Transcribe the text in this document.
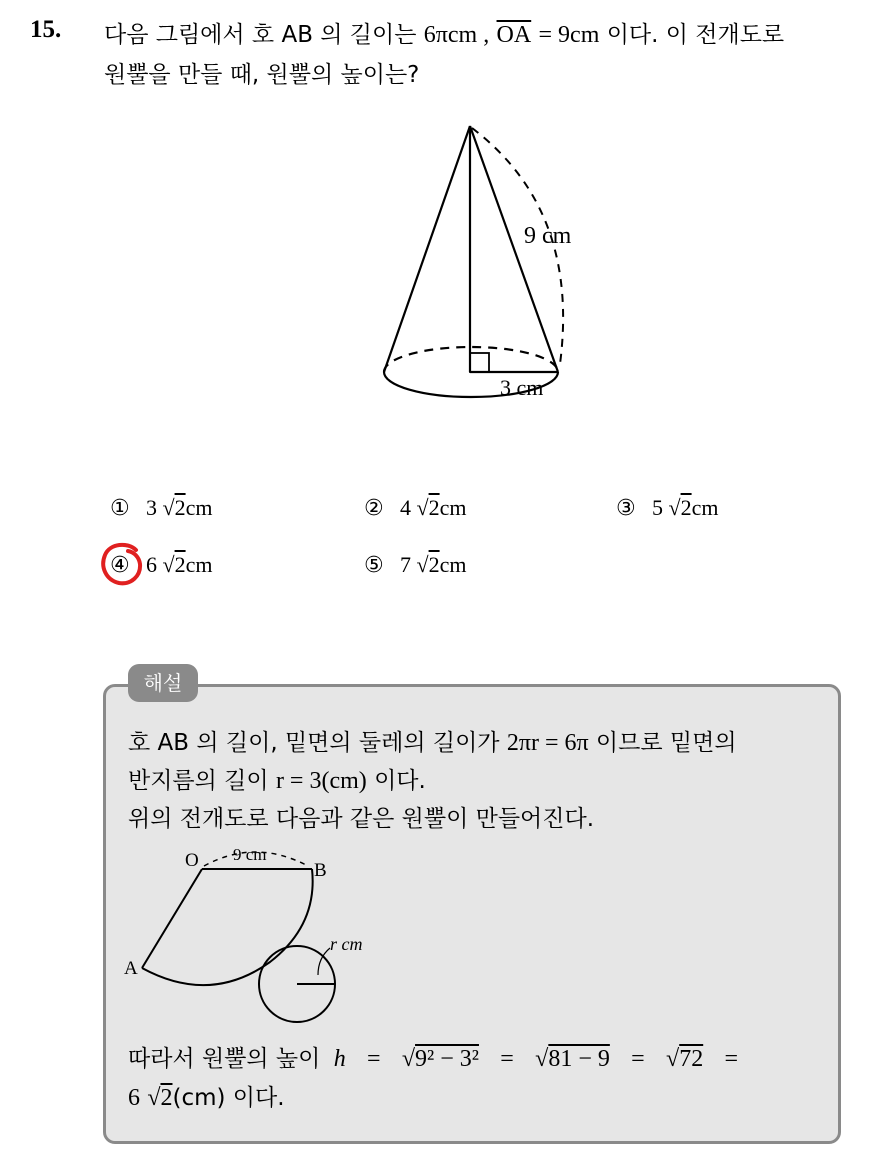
15. 다음 그림에서 호 AB 의 길이는 6πcm , $\overline{OA} = 9cm$ 이다. 이 전개도로
원뿔을 만들 때, 원뿔의 높이는?
9 cm
3 cm
① 3 √2cm	② 4 √2cm	③ 5 √2cm
④ 6 √2cm	⑤ 7 √2cm
해설
호 AB 의 길이, 밑면의 둘레의 길이가 2πr = 6π 이므로 밑면의
반지름의 길이 r = 3(cm) 이다.
위의 전개도로 다음과 같은 원뿔이 만들어진다.
O	B
A
9 cm
r cm
따라서 원뿔의 높이 h = √9² − 3² = √81 − 9 = √72 =
6 √2(cm) 이다.
